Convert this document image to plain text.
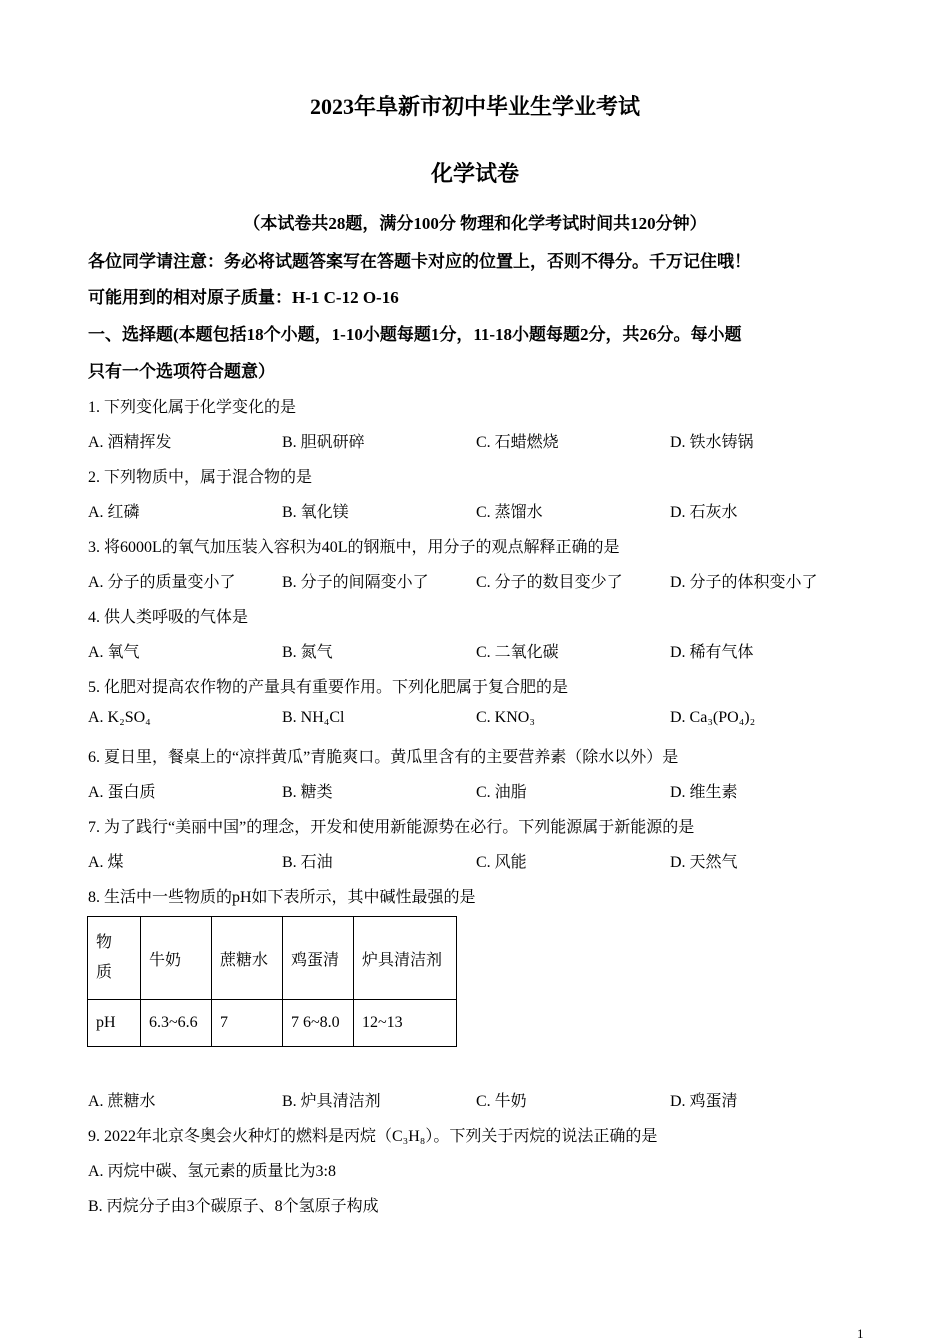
2023年阜新市初中毕业生学业考试
化学试卷
（本试卷共28题，满分100分 物理和化学考试时间共120分钟）
各位同学请注意：务必将试题答案写在答题卡对应的位置上，否则不得分。千万记住哦！
可能用到的相对原子质量：H-1 C-12 O-16
一、选择题(本题包括18个小题，1-10小题每题1分，11-18小题每题2分，共26分。每小题
只有一个选项符合题意）
1. 下列变化属于化学变化的是
A. 酒精挥发	B. 胆矾研碎	C. 石蜡燃烧	D. 铁水铸锅
2. 下列物质中，属于混合物的是
A. 红磷	B. 氧化镁	C. 蒸馏水	D. 石灰水
3. 将6000L的氧气加压装入容积为40L的钢瓶中，用分子的观点解释正确的是
A. 分子的质量变小了	B. 分子的间隔变小了	C. 分子的数目变少了	D. 分子的体积变小了
4. 供人类呼吸的气体是
A. 氧气	B. 氮气	C. 二氧化碳	D. 稀有气体
5. 化肥对提高农作物的产量具有重要作用。下列化肥属于复合肥的是
A. K₂SO₄	B. NH₄Cl	C. KNO₃	D. Ca₃(PO₄)₂
6. 夏日里，餐桌上的“凉拌黄瓜”青脆爽口。黄瓜里含有的主要营养素（除水以外）是
A. 蛋白质	B. 糖类	C. 油脂	D. 维生素
7. 为了践行“美丽中国”的理念，开发和使用新能源势在必行。下列能源属于新能源的是
A. 煤	B. 石油	C. 风能	D. 天然气
8. 生活中一些物质的pH如下表所示，其中碱性最强的是
物
质	牛奶	蔗糖水	鸡蛋清	炉具清洁剂
pH	6.3~6.6	7	7 6~8.0	12~13
A. 蔗糖水	B. 炉具清洁剂	C. 牛奶	D. 鸡蛋清
9. 2022年北京冬奥会火种灯的燃料是丙烷（C₃H₈）。下列关于丙烷的说法正确的是
A. 丙烷中碳、氢元素的质量比为3:8
B. 丙烷分子由3个碳原子、8个氢原子构成
1
